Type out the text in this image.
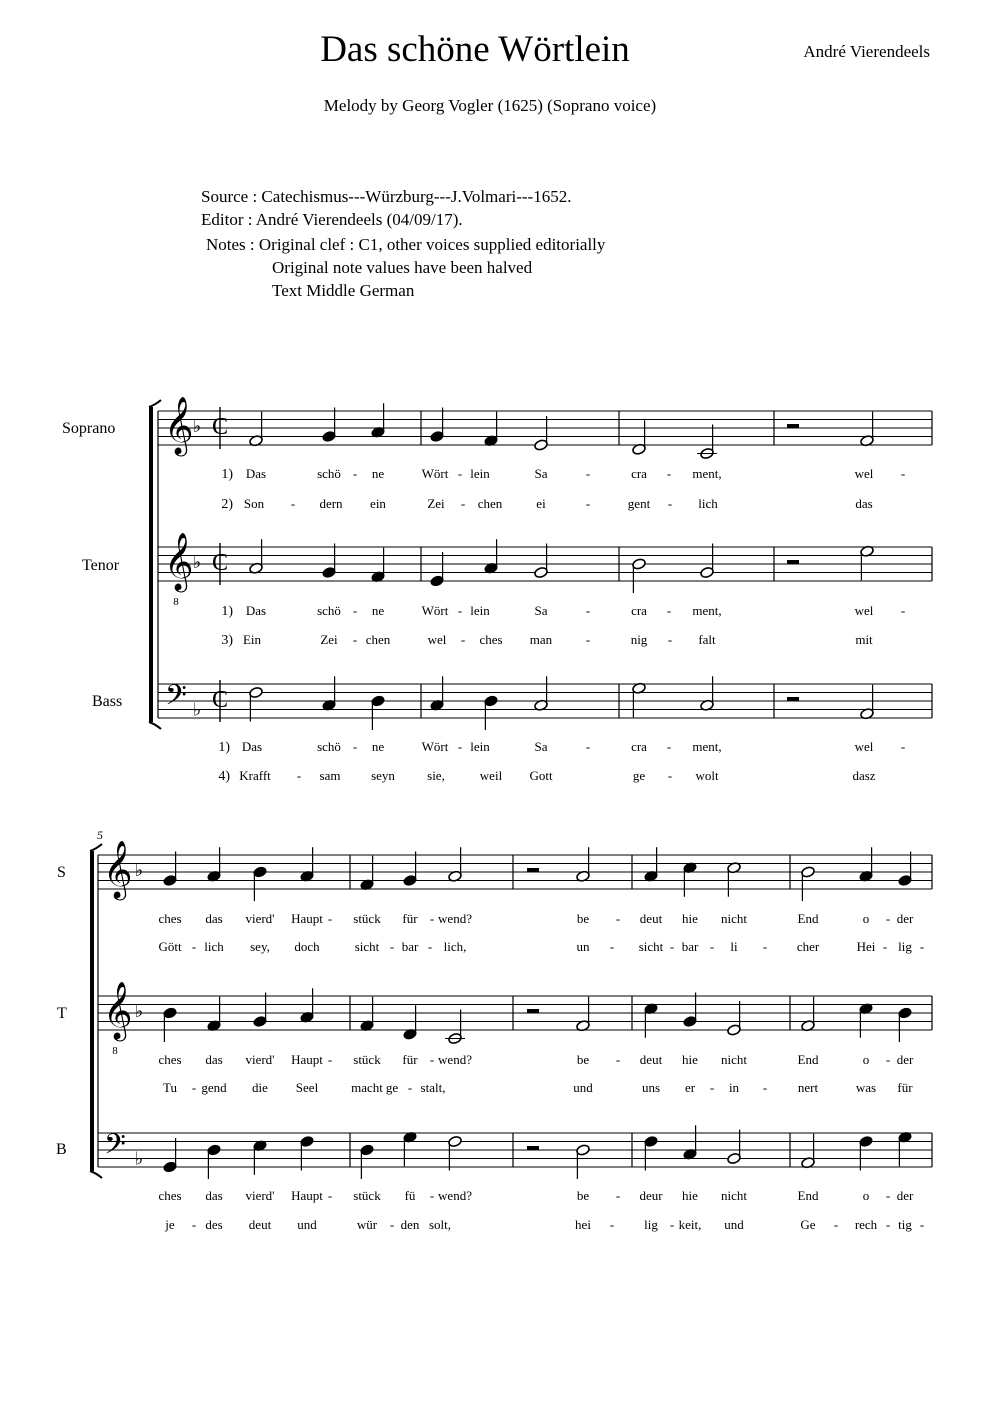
Das schöne Wörtlein	André Vierendeels
Melody by Georg Vogler (1625) (Soprano voice)
Source : Catechismus---Würzburg---J.Volmari---1652.
Editor : André Vierendeels (04/09/17).
Notes : Original clef : C1, other voices supplied editorially
Original note values have been halved
Text Middle German
Soprano
Tenor
Bass
S
T
B
𝄞
𝄞
8
𝄢
♭
♭
♭
C
C
C
1) Das	schö - ne	Wört - lein	Sa	-	cra - ment,	wel -
2) Son - dern ein	Zei - chen	ei	-	gent - lich	das
1) Das	schö - ne	Wört - lein	Sa	-	cra - ment,	wel -
3) Ein	Zei - chen	wel - ches man	-	nig - falt	mit
1) Das	schö - ne	Wört - lein	Sa	-	cra - ment,	wel -
4) Krafft - sam seyn sie,	weil Gott	ge - wolt	dasz
5
𝄞
𝄞
8
𝄢
♭
♭
♭
ches das vierd' Haupt - stück für - wend?	be - deut hie nicht	End	o - der
Gött - lich sey, doch	sicht - bar - lich,	un - sicht - bar - li - cher	Hei - lig -
ches das vierd' Haupt - stück für - wend?	be - deut hie nicht	End	o - der
Tu - gend die Seel	macht ge - stalt,	und	uns er - in - nert	was für
ches das vierd' Haupt - stück fü - wend?	be - deur hie nicht	End	o - der
je - des deut und	wür - den solt,	hei - lig - keit, und	Ge - rech - tig -
